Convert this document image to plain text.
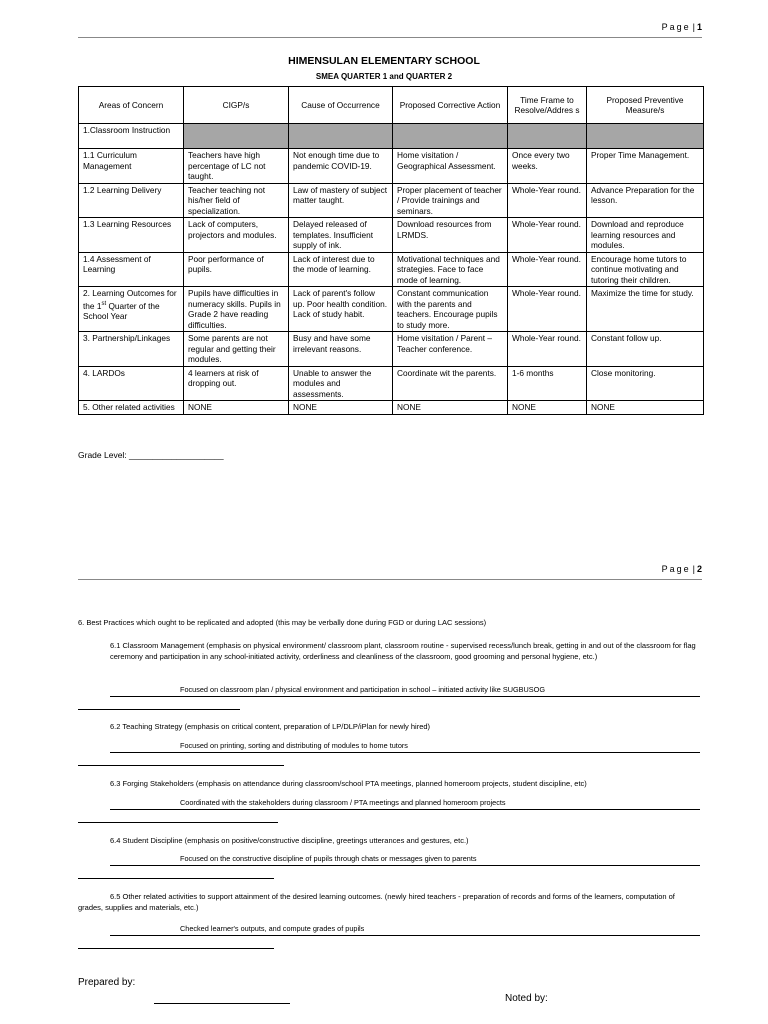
Page | 1
HIMENSULAN ELEMENTARY SCHOOL
SMEA QUARTER 1 and QUARTER 2
Areas of Concern	CIGP/s	Cause of Occurrence	Proposed Corrective Action	Time Frame to Resolve/Addres s	Proposed Preventive Measure/s
1.Classroom Instruction					
1.1 Curriculum Management	Teachers have high percentage of LC not taught.	Not enough time due to pandemic COVID-19.	Home visitation / Geographical Assessment.	Once every two weeks.	Proper Time Management.
1.2 Learning Delivery	Teacher teaching not his/her field of specialization.	Law of mastery of subject matter taught.	Proper placement of teacher / Provide trainings and seminars.	Whole-Year round.	Advance Preparation for the lesson.
1.3 Learning Resources	Lack of computers, projectors and modules.	Delayed released of templates. Insufficient supply of ink.	Download resources from LRMDS.	Whole-Year round.	Download and reproduce learning resources and modules.
1.4 Assessment of Learning	Poor performance of pupils.	Lack of interest due to the mode of learning.	Motivational techniques and strategies. Face to face mode of learning.	Whole-Year round.	Encourage home tutors to continue motivating and tutoring their children.
2. Learning Outcomes for the 1st Quarter of the School Year	Pupils have difficulties in numeracy skills. Pupils in Grade 2 have reading difficulties.	Lack of parent's follow up. Poor health condition. Lack of study habit.	Constant communication with the parents and teachers. Encourage pupils to study more.	Whole-Year round.	Maximize the time for study.
3. Partnership/Linkages	Some parents are not regular and getting their modules.	Busy and have some irrelevant reasons.	Home visitation / Parent – Teacher conference.	Whole-Year round.	Constant follow up.
4. LARDOs	4 learners at risk of dropping out.	Unable to answer the modules and assessments.	Coordinate wit the parents.	1-6 months	Close monitoring.
5. Other related activities	NONE	NONE	NONE	NONE	NONE
Grade Level: ____________________
Page | 2
6. Best Practices which ought to be replicated and adopted (this may be verbally done during FGD or during LAC sessions)
6.1 Classroom Management (emphasis on physical environment/ classroom plant, classroom routine - supervised recess/lunch break, getting in and out of the classroom for flag ceremony and participation in any school-initiated activity, orderliness and cleanliness of the classroom, good grooming and personal hygiene, etc.)
Focused on classroom plan / physical environment and participation in school – initiated activity like SUGBUSOG
6.2 Teaching Strategy (emphasis on critical content, preparation of LP/DLP/iPlan for newly hired)
Focused on printing, sorting and distributing of modules to home tutors
6.3 Forging Stakeholders (emphasis on attendance during classroom/school PTA meetings, planned homeroom projects, student discipline, etc)
Coordinated with the stakeholders during classroom / PTA meetings and planned homeroom projects
6.4 Student Discipline (emphasis on positive/constructive discipline, greetings utterances and gestures, etc.)
Focused on the constructive discipline of pupils through chats or messages given to parents
6.5 Other related activities to support attainment of the desired learning outcomes. (newly hired teachers - preparation of records and forms of the learners, computation of grades, supplies and materials, etc.)
Checked learner's outputs, and compute grades of pupils
Prepared by:
Noted by:
